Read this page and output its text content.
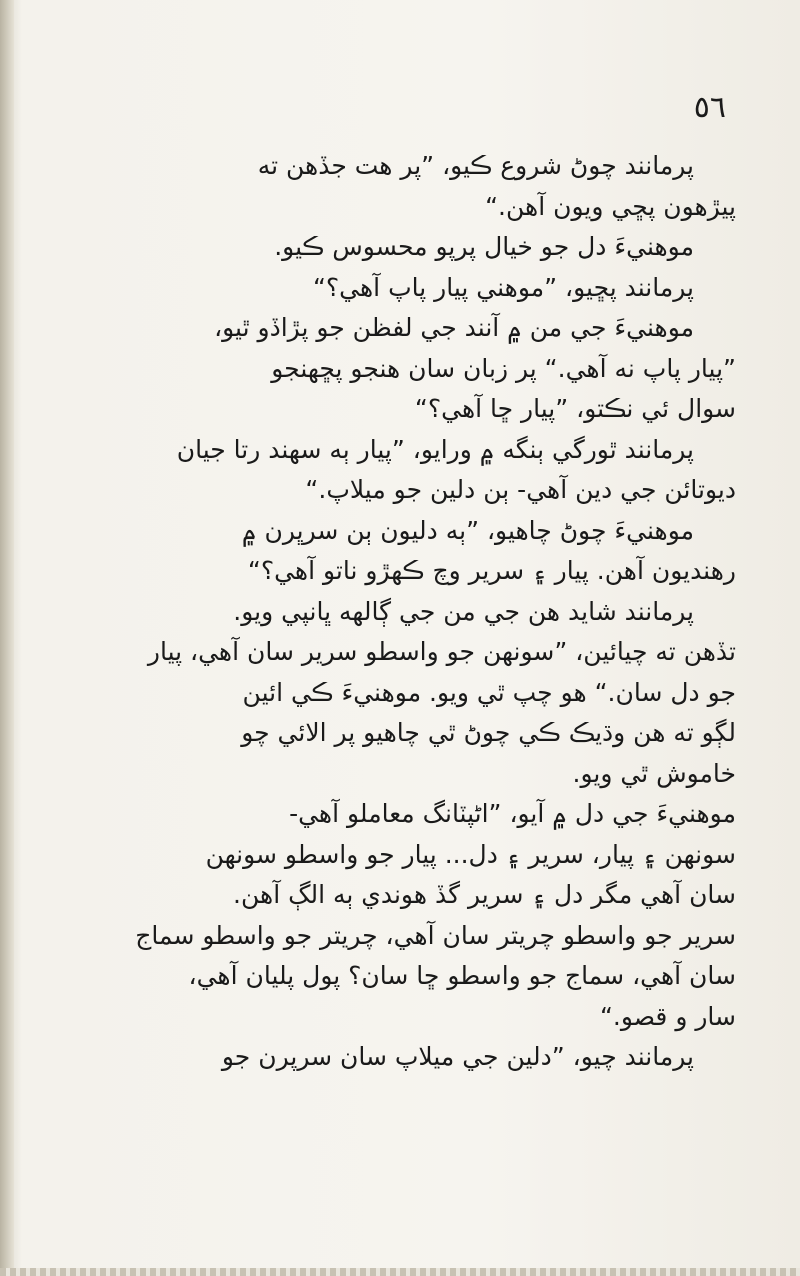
٥٦
پرمانند چوڻ شروع ڪيو، ”پر هت جڏهن ته
پيڙهون پڇي ويون آهن.“
موهنيءَ دل جو خيال پرپو محسوس ڪيو.
پرمانند پڇيو، ”موهني پيار پاپ آهي؟“
موهنيءَ جي من ۾ آنند جي لفظن جو پڙاڏو ٿيو،
”پيار پاپ نه آهي.“ پر زبان سان هنجو پڇهنجو
سوال ئي نڪتو، ”پيار ڇا آهي؟“
پرمانند ٿورگي ٻنگه ۾ ورايو، ”پيار ٻه سهند رتا جيان
ديوتائن جي دين آهي- ٻن دلين جو ميلاپ.“
موهنيءَ چوڻ چاهيو، ”ٻه دليون ٻن سرڀرن ۾
رهنديون آهن. پيار ۽ سرير وچ ڪهڙو ناتو آهي؟“
پرمانند شايد هن جي من جي ڳالهه ڀانپي ويو.
تڏهن ته چيائين، ”سونهن جو واسطو سرير سان آهي، پيار
جو دل سان.“ هو چپ ٿي ويو. موهنيءَ ڪي ائين
لڳو ته هن وڌيڪ ڪي چوڻ ٿي چاهيو پر الائي چو
خاموش ٿي ويو.
موهنيءَ جي دل ۾ آيو، ”اڻپٽانگ معاملو آهي-
سونهن ۽ پيار، سرير ۽ دل... پيار جو واسطو سونهن
سان آهي مگر دل ۽ سرير گڏ هوندي ٻه الڳ آهن.
سرير جو واسطو چريتر سان آهي، چريتر جو واسطو سماج
سان آهي، سماج جو واسطو ڇا سان؟ پول پليان آهي،
سار و قصو.“
پرمانند چيو، ”دلين جي ميلاپ سان سرپرن جو
